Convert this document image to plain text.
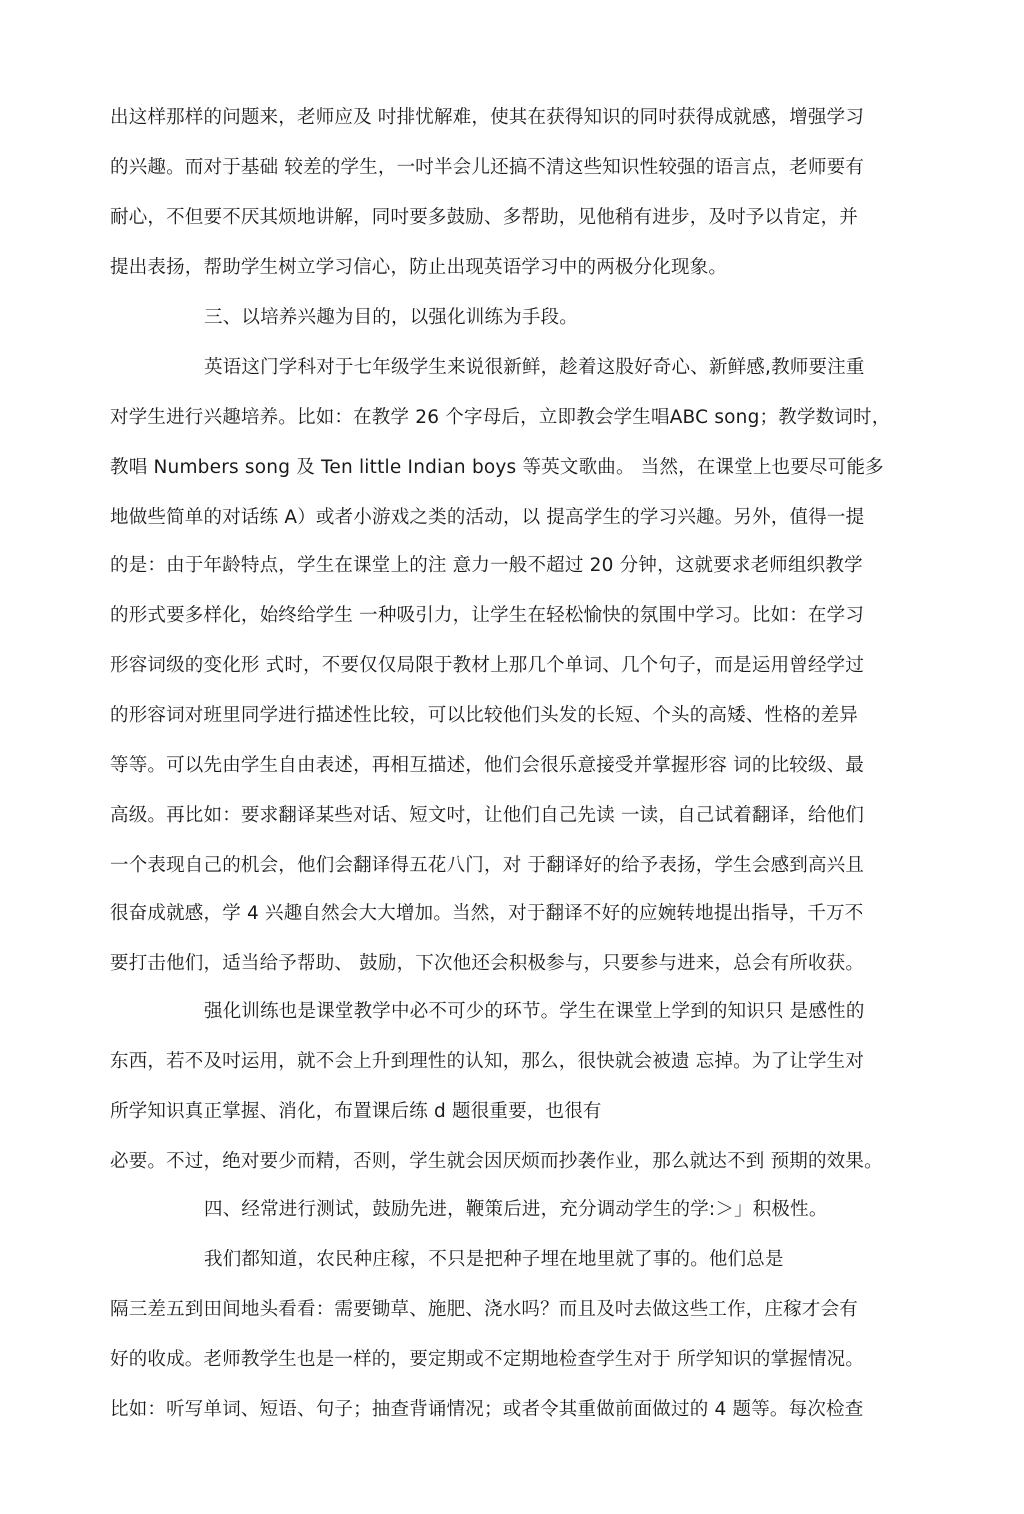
出这样那样的问题来，老师应及 吋排忧解难，使其在获得知识的同吋获得成就感，增强学习
的兴趣。而对于基础 较差的学生，一吋半会儿还搞不清这些知识性较强的语言点，老师要有
耐心，不但要不厌其烦地讲解，同吋要多鼓励、多帮助，见他稍有进步，及吋予以肯定，并
提出表扬，帮助学生树立学习信心，防止出现英语学习中的两极分化现象。
三、以培养兴趣为目的，以强化训练为手段。
英语这门学科对于七年级学生来说很新鲜，趁着这股好奇心、新鲜感,教师要注重
对学生进行兴趣培养。比如：在教学 26 个字母后，立即教会学生唱ABC song；教学数词时，
教唱 Numbers song 及 Ten little Indian boys 等英文歌曲。 当然，在课堂上也要尽可能多
地做些简单的对话练 A）或者小游戏之类的活动，以 提高学生的学习兴趣。另外，值得一提
的是：由于年龄特点，学生在课堂上的注 意力一般不超过 20 分钟，这就要求老师组织教学
的形式要多样化，始终给学生 一种吸引力，让学生在轻松愉快的氛围中学习。比如：在学习
形容词级的变化形 式时，不要仅仅局限于教材上那几个单词、几个句子，而是运用曾经学过
的形容词对班里同学进行描述性比较，可以比较他们头发的长短、个头的高矮、性格的差异
等等。可以先由学生自由表述，再相互描述，他们会很乐意接受并掌握形容 词的比较级、最
高级。再比如：要求翻译某些对话、短文吋，让他们自己先读 一读，自己试着翻译，给他们
一个表现自己的机会，他们会翻译得五花八门，对 于翻译好的给予表扬，学生会感到高兴且
很奋成就感，学 4 兴趣自然会大大增加。当然，对于翻译不好的应婉转地提出指导，千万不
要打击他们，适当给予帮助、 鼓励，下次他还会积极参与，只要参与进来，总会有所收获。
强化训练也是课堂教学中必不可少的环节。学生在课堂上学到的知识只 是感性的
东西，若不及吋运用，就不会上升到理性的认知，那么，很快就会被遗 忘掉。为了让学生对
所学知识真正掌握、消化，布置课后练 d 题很重要，也很有
必要。不过，绝对要少而精，否则，学生就会因厌烦而抄袭作业，那么就达不到 预期的效果。
四、经常进行测试，鼓励先进，鞭策后进，充分调动学生的学:＞」积极性。
我们都知道，农民种庄稼，不只是把种子埋在地里就了事的。他们总是
隔三差五到田间地头看看：需要锄草、施肥、浇水吗？而且及吋去做这些工作，庄稼才会有
好的收成。老师教学生也是一样的，要定期或不定期地检查学生对于 所学知识的掌握情况。
比如：听写单词、短语、句子；抽查背诵情况；或者令其重做前面做过的 4 题等。每次检查
